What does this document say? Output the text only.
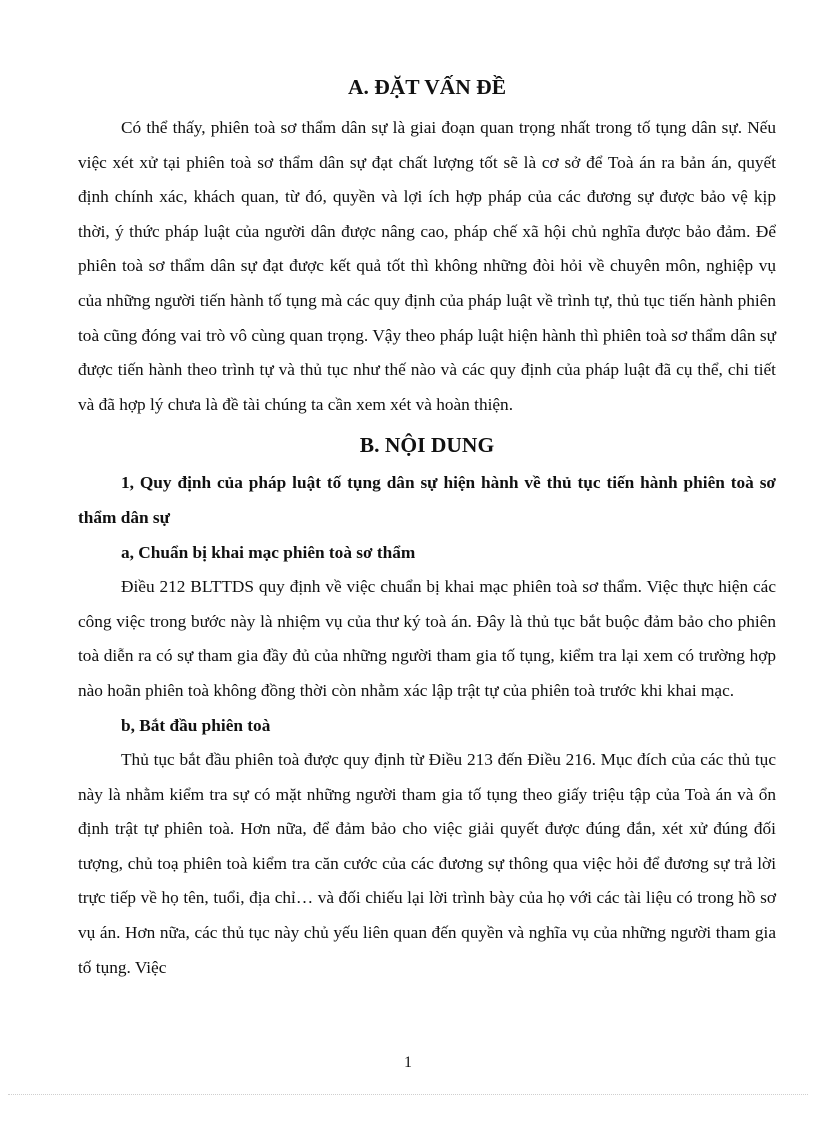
A. ĐẶT VẤN ĐỀ

Có thể thấy, phiên toà sơ thẩm dân sự là giai đoạn quan trọng nhất trong tố tụng dân sự. Nếu việc xét xử tại phiên toà sơ thẩm dân sự đạt chất lượng tốt sẽ là cơ sở để Toà án ra bản án, quyết định chính xác, khách quan, từ đó, quyền và lợi ích hợp pháp của các đương sự được bảo vệ kịp thời, ý thức pháp luật của người dân được nâng cao, pháp chế xã hội chủ nghĩa được bảo đảm. Để phiên toà sơ thẩm dân sự đạt được kết quả tốt thì không những đòi hỏi về chuyên môn, nghiệp vụ của những người tiến hành tố tụng mà các quy định của pháp luật về trình tự, thủ tục tiến hành phiên toà cũng đóng vai trò vô cùng quan trọng. Vậy theo pháp luật hiện hành thì phiên toà sơ thẩm dân sự được tiến hành theo trình tự và thủ tục như thế nào và các quy định của pháp luật đã cụ thể, chi tiết và đã hợp lý chưa là đề tài chúng ta cần xem xét và hoàn thiện.

B. NỘI DUNG

1, Quy định của pháp luật tố tụng dân sự hiện hành về thủ tục tiến hành phiên toà sơ thẩm dân sự

a, Chuẩn bị khai mạc phiên toà sơ thẩm

Điều 212 BLTTDS quy định về việc chuẩn bị khai mạc phiên toà sơ thẩm. Việc thực hiện các công việc trong bước này là nhiệm vụ của thư ký toà án. Đây là thủ tục bắt buộc đảm bảo cho phiên toà diễn ra có sự tham gia đầy đủ của những người tham gia tố tụng, kiểm tra lại xem có trường hợp nào hoãn phiên toà không đồng thời còn nhằm xác lập trật tự của phiên toà trước khi khai mạc.

b, Bắt đầu phiên toà

Thủ tục bắt đầu phiên toà được quy định từ Điều 213 đến Điều 216. Mục đích của các thủ tục này là nhằm kiểm tra sự có mặt những người tham gia tố tụng theo giấy triệu tập của Toà án và ổn định trật tự phiên toà. Hơn nữa, để đảm bảo cho việc giải quyết được đúng đắn, xét xử đúng đối tượng, chủ toạ phiên toà kiểm tra căn cước của các đương sự thông qua việc hỏi để đương sự trả lời trực tiếp về họ tên, tuổi, địa chỉ… và đối chiếu lại lời trình bày của họ với các tài liệu có trong hồ sơ vụ án. Hơn nữa, các thủ tục này chủ yếu liên quan đến quyền và nghĩa vụ của những người tham gia tố tụng. Việc

1
